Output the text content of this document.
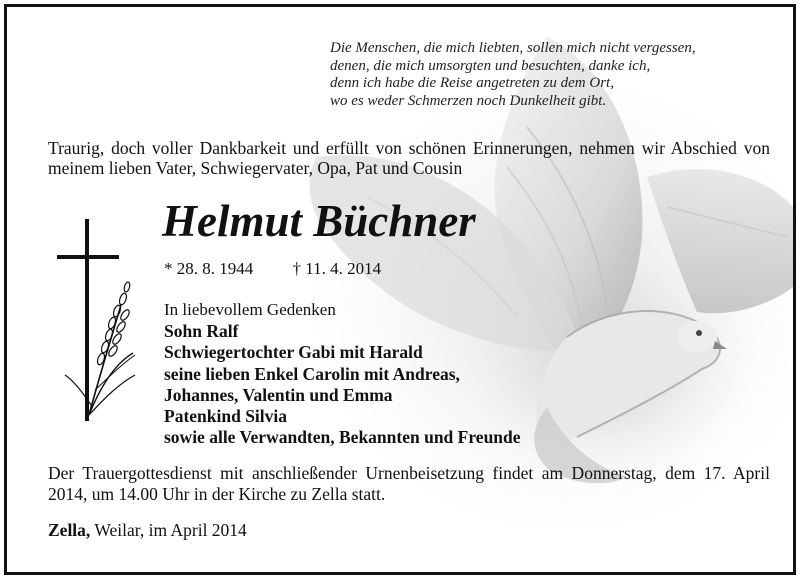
Die Menschen, die mich liebten, sollen mich nicht vergessen,
denen, die mich umsorgten und besuchten, danke ich,
denn ich habe die Reise angetreten zu dem Ort,
wo es weder Schmerzen noch Dunkelheit gibt.
Traurig, doch voller Dankbarkeit und erfüllt von schönen Erinnerungen, nehmen wir Abschied von meinem lieben Vater, Schwiegervater, Opa, Pat und Cousin
Helmut Büchner
* 28. 8. 1944 † 11. 4. 2014
In liebevollem Gedenken
Sohn Ralf
Schwiegertochter Gabi mit Harald
seine lieben Enkel Carolin mit Andreas,
Johannes, Valentin und Emma
Patenkind Silvia
sowie alle Verwandten, Bekannten und Freunde
Der Trauergottesdienst mit anschließender Urnenbeisetzung findet am Donnerstag, dem 17. April 2014, um 14.00 Uhr in der Kirche zu Zella statt.
Zella, Weilar, im April 2014
